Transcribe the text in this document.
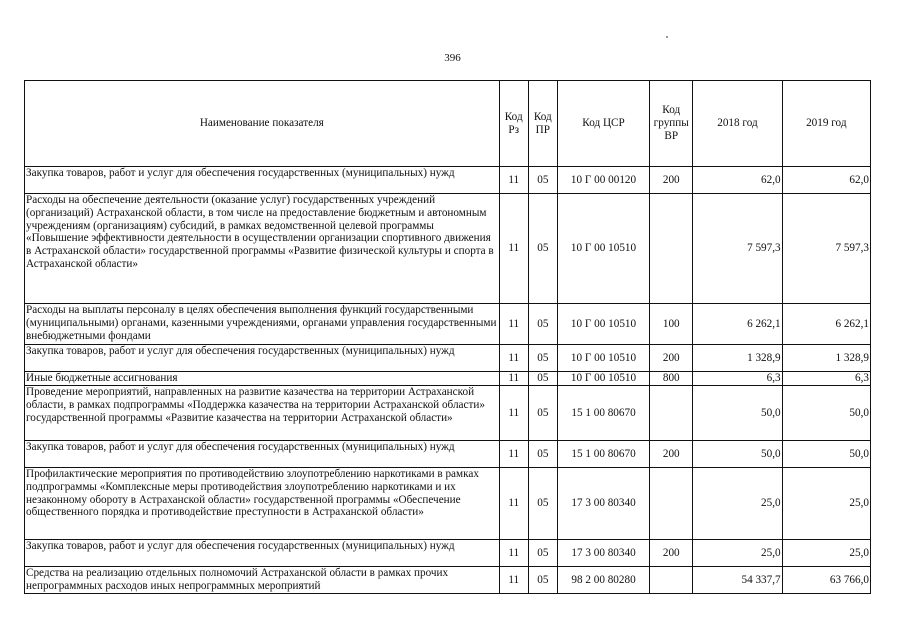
396
Наименование показателя	Код Рз	Код ПР	Код ЦСР	Код группы ВР	2018 год	2019 год
Закупка товаров, работ и услуг для обеспечения государственных (муниципальных) нужд	11	05	10 Г 00 00120	200	62,0	62,0
Расходы на обеспечение деятельности (оказание услуг) государственных учреждений (организаций) Астраханской области, в том числе на предоставление бюджетным и автономным учреждениям (организациям) субсидий, в рамках ведомственной целевой программы «Повышение эффективности деятельности в осуществлении организации спортивного движения в Астраханской области» государственной программы «Развитие физической культуры и спорта в Астраханской области»	11	05	10 Г 00 10510		7 597,3	7 597,3
Расходы на выплаты персоналу в целях обеспечения выполнения функций государственными (муниципальными) органами, казенными учреждениями, органами управления государственными внебюджетными фондами	11	05	10 Г 00 10510	100	6 262,1	6 262,1
Закупка товаров, работ и услуг для обеспечения государственных (муниципальных) нужд	11	05	10 Г 00 10510	200	1 328,9	1 328,9
Иные бюджетные ассигнования	11	05	10 Г 00 10510	800	6,3	6,3
Проведение мероприятий, направленных на развитие казачества на территории Астраханской области, в рамках подпрограммы «Поддержка казачества на территории Астраханской области» государственной программы «Развитие казачества на территории Астраханской области»	11	05	15 1 00 80670		50,0	50,0
Закупка товаров, работ и услуг для обеспечения государственных (муниципальных) нужд	11	05	15 1 00 80670	200	50,0	50,0
Профилактические мероприятия по противодействию злоупотреблению наркотиками в рамках подпрограммы «Комплексные меры противодействия злоупотреблению наркотиками и их незаконному обороту в Астраханской области» государственной программы «Обеспечение общественного порядка и противодействие преступности в Астраханской области»	11	05	17 3 00 80340		25,0	25,0
Закупка товаров, работ и услуг для обеспечения государственных (муниципальных) нужд	11	05	17 3 00 80340	200	25,0	25,0
Средства на реализацию отдельных полномочий Астраханской области в рамках прочих непрограммных расходов иных непрограммных мероприятий	11	05	98 2 00 80280		54 337,7	63 766,0
